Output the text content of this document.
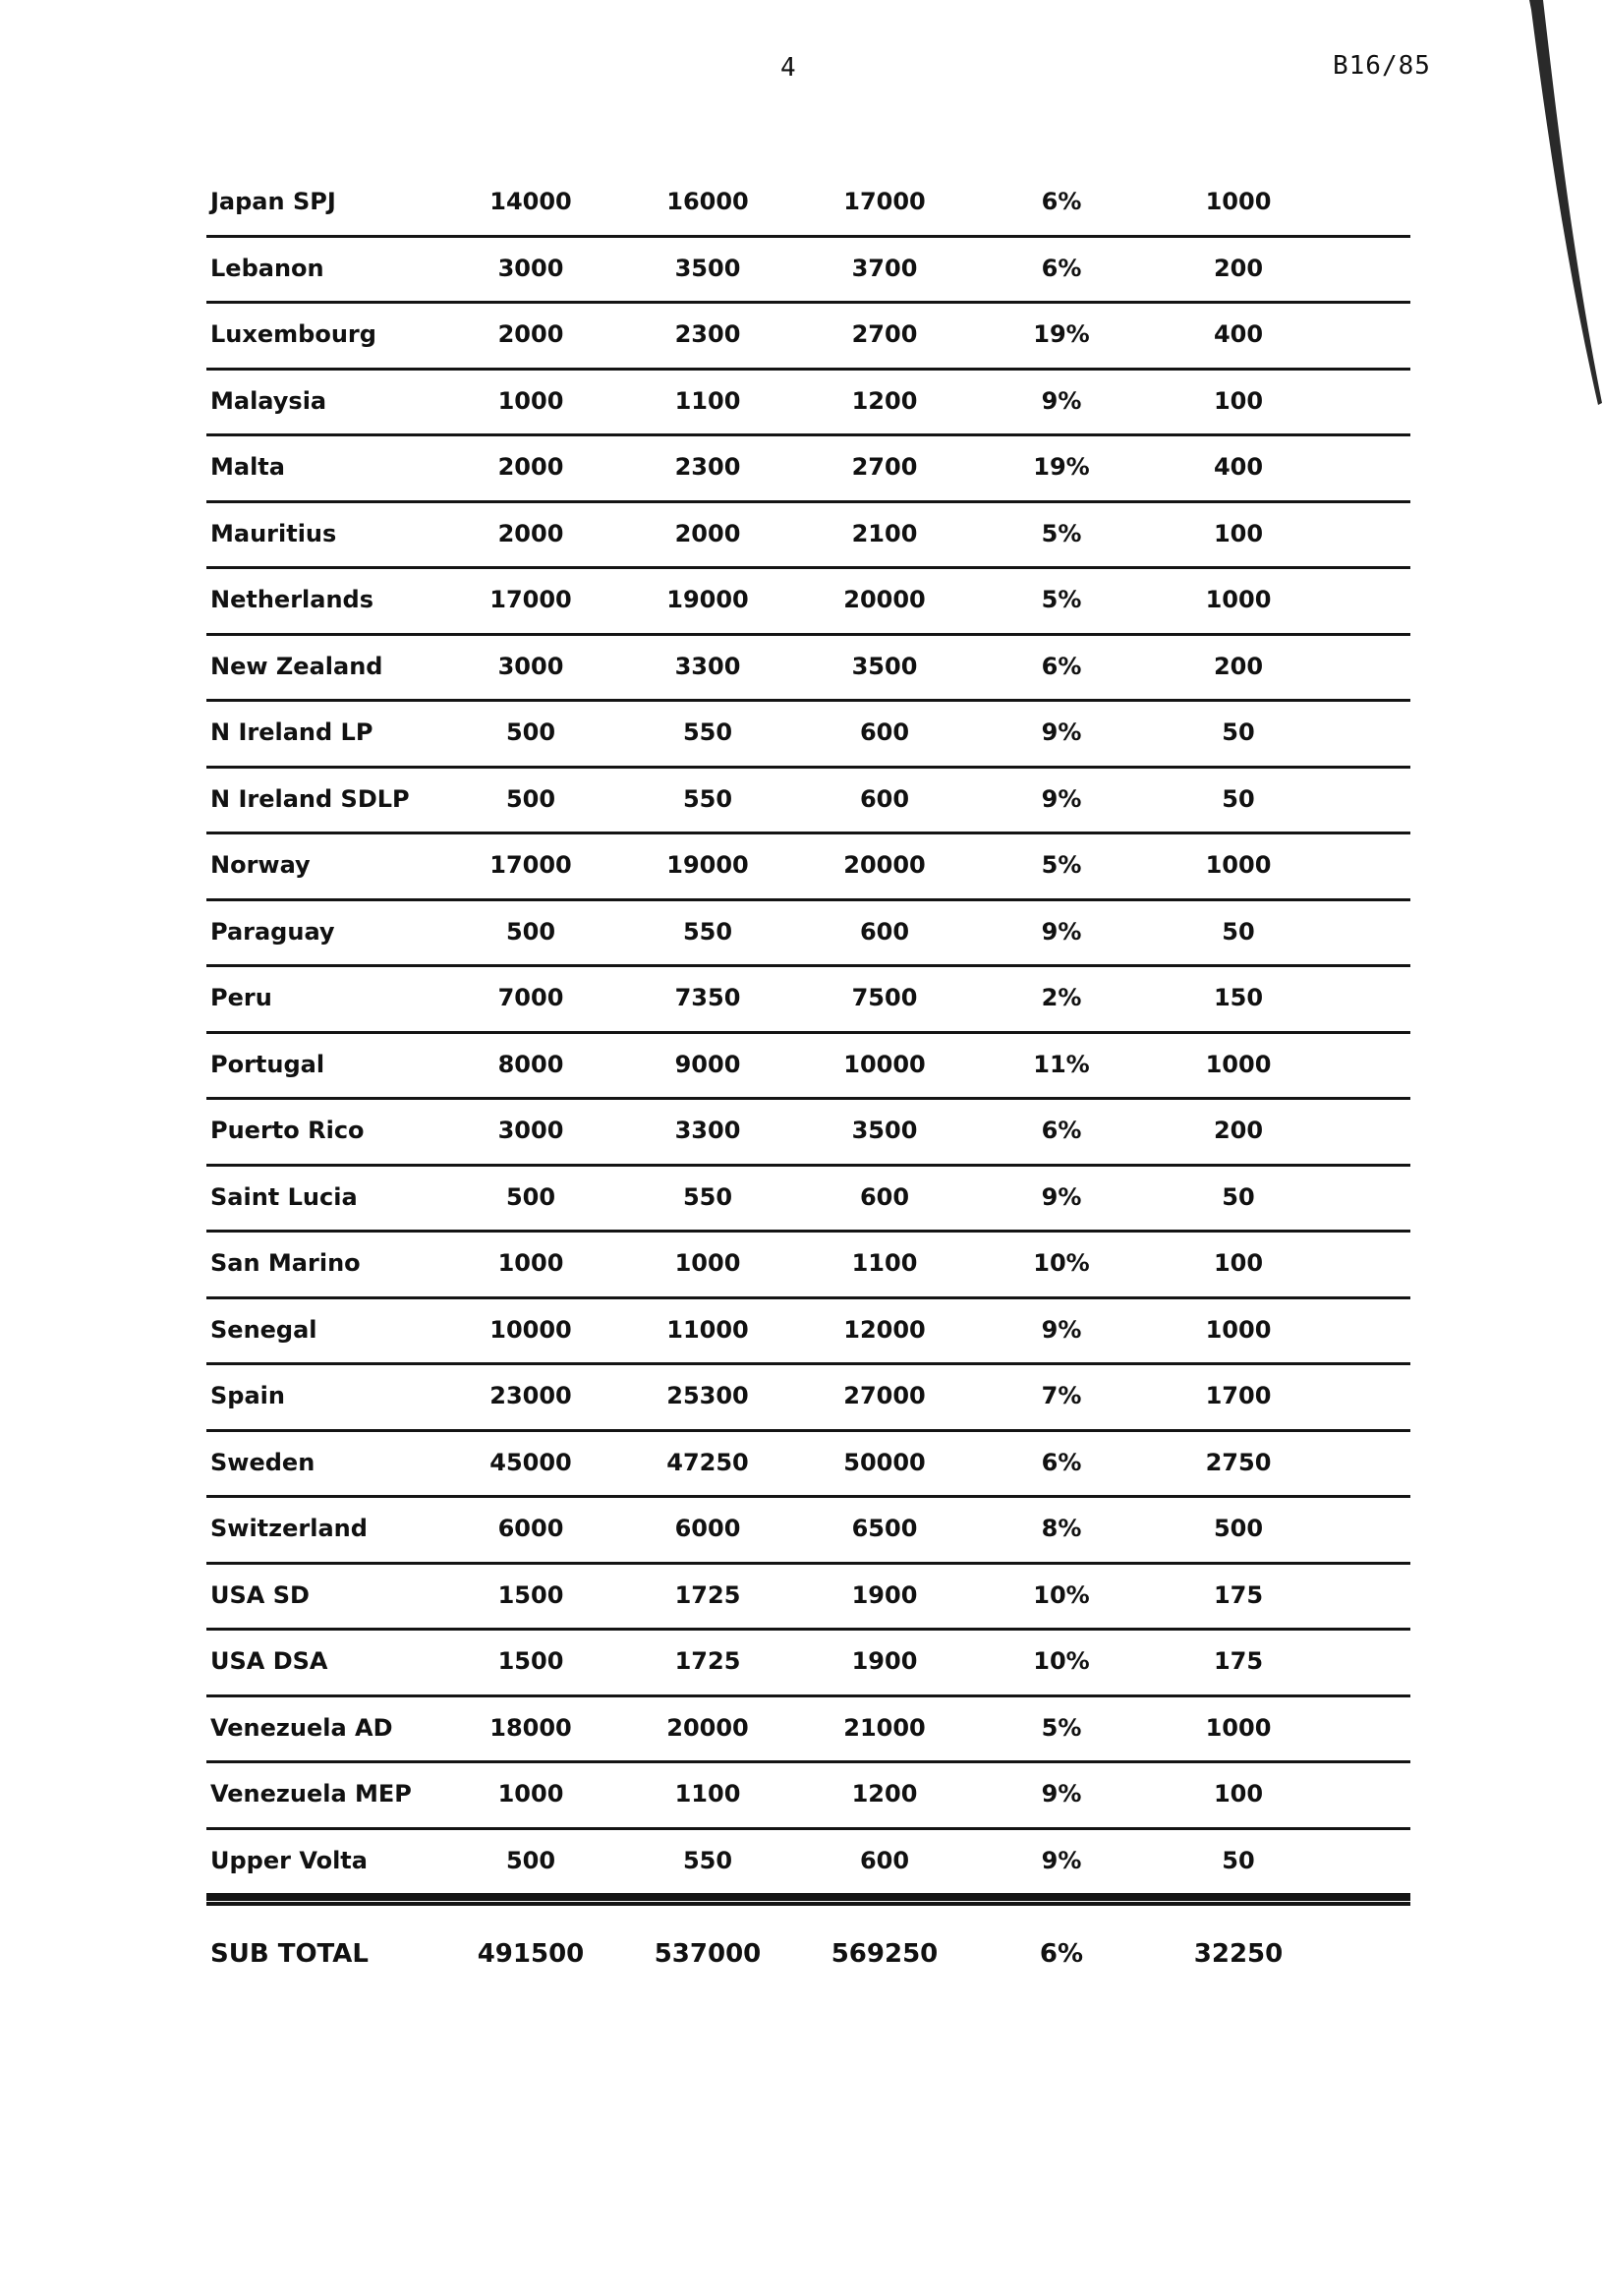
4	B16/85
Japan SPJ	14000	16000	17000	6%	1000
Lebanon	3000	3500	3700	6%	200
Luxembourg	2000	2300	2700	19%	400
Malaysia	1000	1100	1200	9%	100
Malta	2000	2300	2700	19%	400
Mauritius	2000	2000	2100	5%	100
Netherlands	17000	19000	20000	5%	1000
New Zealand	3000	3300	3500	6%	200
N Ireland LP	500	550	600	9%	50
N Ireland SDLP	500	550	600	9%	50
Norway	17000	19000	20000	5%	1000
Paraguay	500	550	600	9%	50
Peru	7000	7350	7500	2%	150
Portugal	8000	9000	10000	11%	1000
Puerto Rico	3000	3300	3500	6%	200
Saint Lucia	500	550	600	9%	50
San Marino	1000	1000	1100	10%	100
Senegal	10000	11000	12000	9%	1000
Spain	23000	25300	27000	7%	1700
Sweden	45000	47250	50000	6%	2750
Switzerland	6000	6000	6500	8%	500
USA SD	1500	1725	1900	10%	175
USA DSA	1500	1725	1900	10%	175
Venezuela AD	18000	20000	21000	5%	1000
Venezuela MEP	1000	1100	1200	9%	100
Upper Volta	500	550	600	9%	50
SUB TOTAL	491500	537000	569250	6%	32250
